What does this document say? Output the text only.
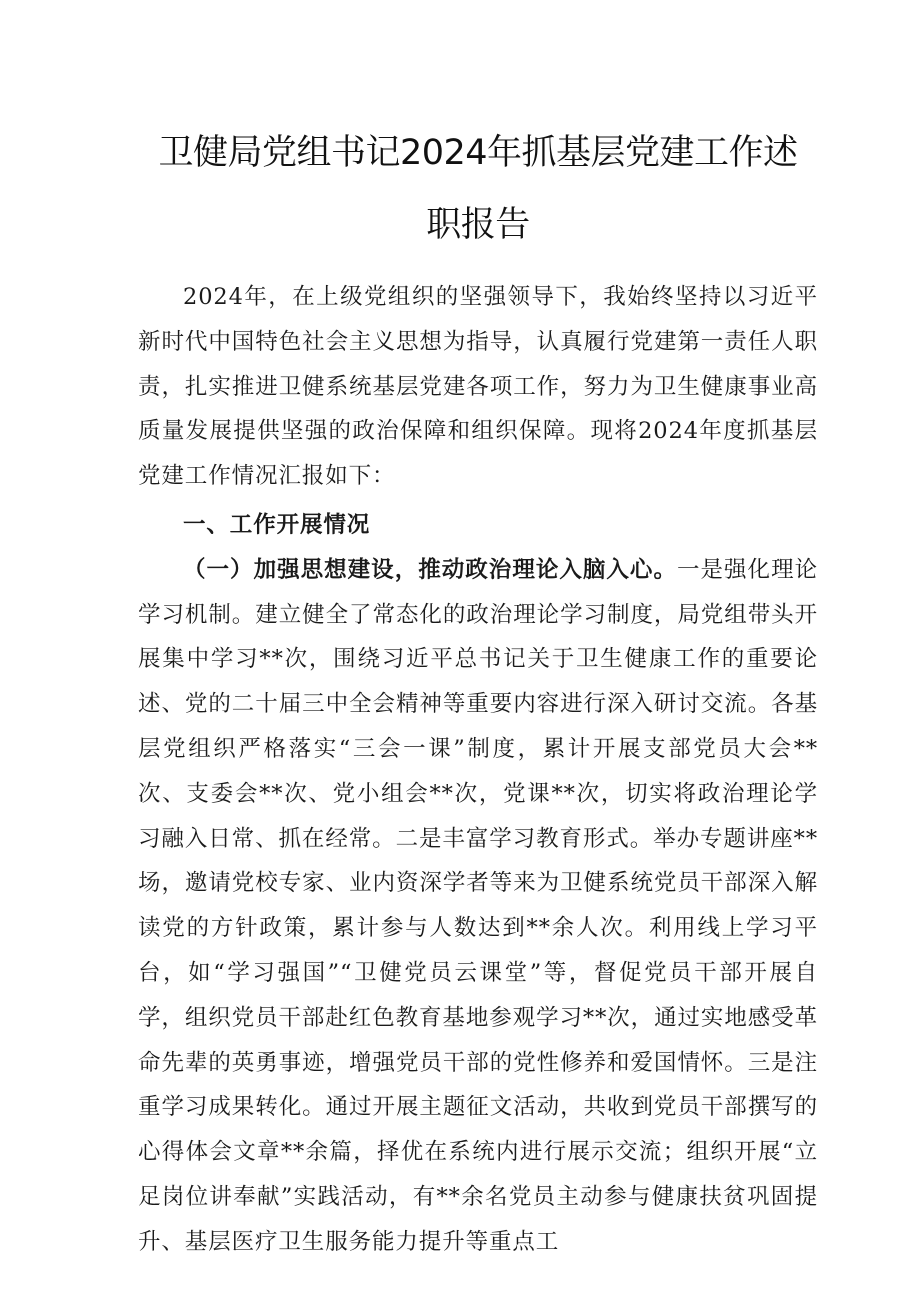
卫健局党组书记2024年抓基层党建工作述
职报告

2024年，在上级党组织的坚强领导下，我始终坚持以习近平新时代中国特色社会主义思想为指导，认真履行党建第一责任人职责，扎实推进卫健系统基层党建各项工作，努力为卫生健康事业高质量发展提供坚强的政治保障和组织保障。现将2024年度抓基层党建工作情况汇报如下：

一、工作开展情况

（一）加强思想建设，推动政治理论入脑入心。一是强化理论学习机制。建立健全了常态化的政治理论学习制度，局党组带头开展集中学习**次，围绕习近平总书记关于卫生健康工作的重要论述、党的二十届三中全会精神等重要内容进行深入研讨交流。各基层党组织严格落实“三会一课”制度，累计开展支部党员大会**次、支委会**次、党小组会**次，党课**次，切实将政治理论学习融入日常、抓在经常。二是丰富学习教育形式。举办专题讲座**场，邀请党校专家、业内资深学者等来为卫健系统党员干部深入解读党的方针政策，累计参与人数达到**余人次。利用线上学习平台，如“学习强国”“卫健党员云课堂”等，督促党员干部开展自学，组织党员干部赴红色教育基地参观学习**次，通过实地感受革命先辈的英勇事迹，增强党员干部的党性修养和爱国情怀。三是注重学习成果转化。通过开展主题征文活动，共收到党员干部撰写的心得体会文章**余篇，择优在系统内进行展示交流；组织开展“立足岗位讲奉献”实践活动，有**余名党员主动参与健康扶贫巩固提升、基层医疗卫生服务能力提升等重点工
